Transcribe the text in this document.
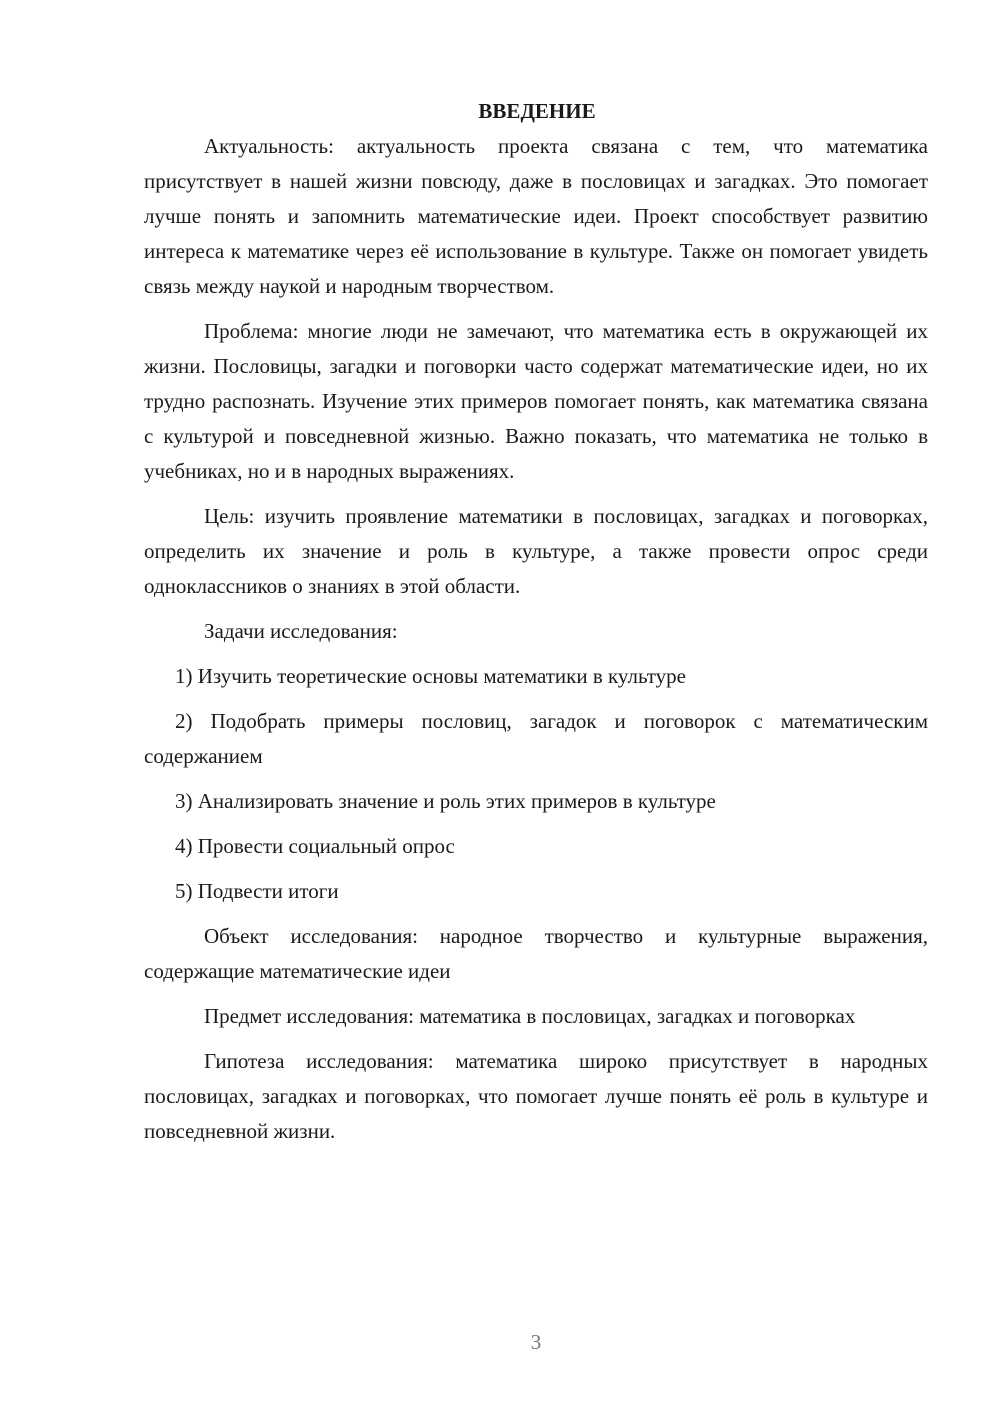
ВВЕДЕНИЕ

Актуальность: актуальность проекта связана с тем, что математика присутствует в нашей жизни повсюду, даже в пословицах и загадках. Это помогает лучше понять и запомнить математические идеи. Проект способствует развитию интереса к математике через её использование в культуре. Также он помогает увидеть связь между наукой и народным творчеством.

Проблема: многие люди не замечают, что математика есть в окружающей их жизни. Пословицы, загадки и поговорки часто содержат математические идеи, но их трудно распознать. Изучение этих примеров помогает понять, как математика связана с культурой и повседневной жизнью. Важно показать, что математика не только в учебниках, но и в народных выражениях.

Цель: изучить проявление математики в пословицах, загадках и поговорках, определить их значение и роль в культуре, а также провести опрос среди одноклассников о знаниях в этой области.

Задачи исследования:

1) Изучить теоретические основы математики в культуре

2) Подобрать примеры пословиц, загадок и поговорок с математическим содержанием

3) Анализировать значение и роль этих примеров в культуре

4) Провести социальный опрос

5) Подвести итоги

Объект исследования: народное творчество и культурные выражения, содержащие математические идеи

Предмет исследования: математика в пословицах, загадках и поговорках

Гипотеза исследования: математика широко присутствует в народных пословицах, загадках и поговорках, что помогает лучше понять её роль в культуре и повседневной жизни.

3
